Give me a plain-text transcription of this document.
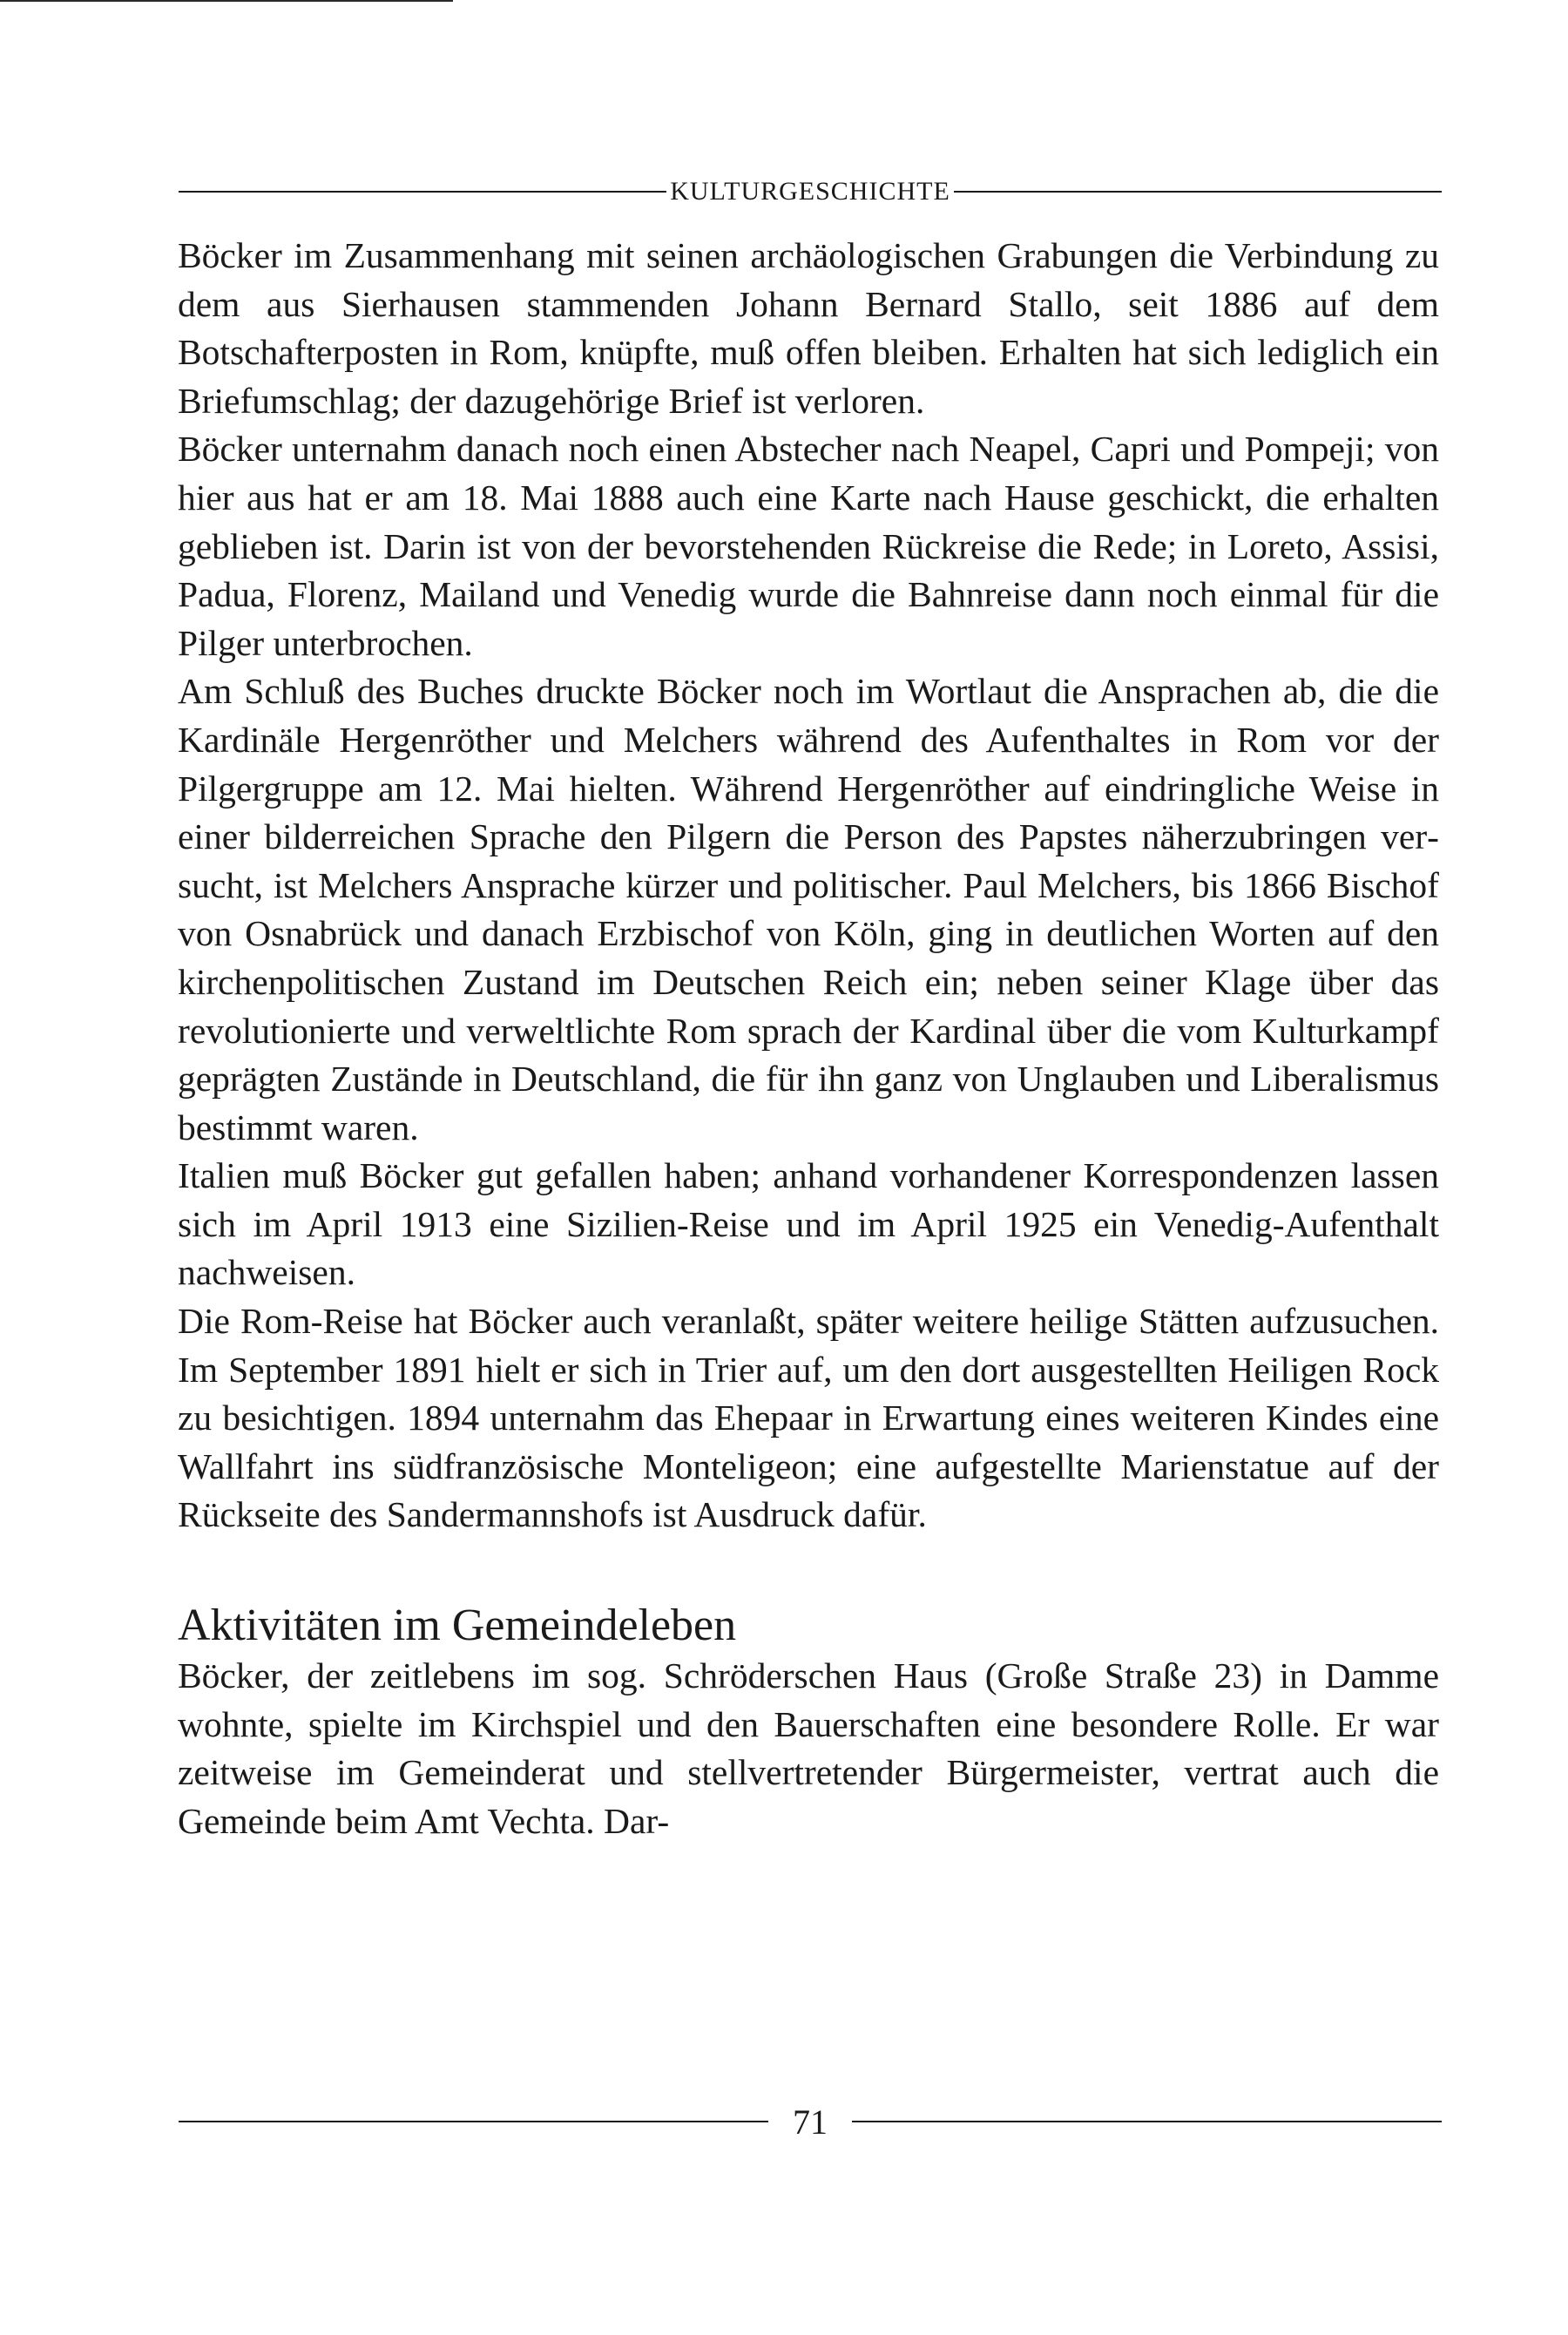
KULTURGESCHICHTE

Böcker im Zusammenhang mit seinen archäologischen Grabungen die Verbindung zu dem aus Sierhausen stammenden Johann Bernard Stallo, seit 1886 auf dem Botschafterposten in Rom, knüpfte, muß offen bleiben. Erhalten hat sich lediglich ein Briefumschlag; der dazugehörige Brief ist verloren.

Böcker unternahm danach noch einen Abstecher nach Neapel, Capri und Pompeji; von hier aus hat er am 18. Mai 1888 auch eine Karte nach Hause geschickt, die erhalten geblieben ist. Darin ist von der bevorstehenden Rückreise die Rede; in Loreto, Assisi, Padua, Florenz, Mailand und Venedig wurde die Bahnreise dann noch einmal für die Pilger unterbrochen.

Am Schluß des Buches druckte Böcker noch im Wortlaut die Ansprachen ab, die die Kardinäle Hergenröther und Melchers während des Aufenthaltes in Rom vor der Pilgergruppe am 12. Mai hielten. Während Hergenröther auf eindringliche Weise in einer bilderreichen Sprache den Pilgern die Person des Papstes näherzubringen versucht, ist Melchers Ansprache kürzer und politischer. Paul Melchers, bis 1866 Bischof von Osnabrück und danach Erzbischof von Köln, ging in deutlichen Worten auf den kirchenpolitischen Zustand im Deutschen Reich ein; neben seiner Klage über das revolutionierte und verweltlichte Rom sprach der Kardinal über die vom Kulturkampf geprägten Zustände in Deutschland, die für ihn ganz von Unglauben und Liberalismus bestimmt waren.

Italien muß Böcker gut gefallen haben; anhand vorhandener Korrespondenzen lassen sich im April 1913 eine Sizilien-Reise und im April 1925 ein Venedig-Aufenthalt nachweisen.

Die Rom-Reise hat Böcker auch veranlaßt, später weitere heilige Stätten aufzusuchen. Im September 1891 hielt er sich in Trier auf, um den dort ausgestellten Heiligen Rock zu besichtigen. 1894 unternahm das Ehepaar in Erwartung eines weiteren Kindes eine Wallfahrt ins südfranzösische Monteligeon; eine aufgestellte Marienstatue auf der Rückseite des Sandermannshofs ist Ausdruck dafür.

Aktivitäten im Gemeindeleben

Böcker, der zeitlebens im sog. Schröderschen Haus (Große Straße 23) in Damme wohnte, spielte im Kirchspiel und den Bauerschaften eine besondere Rolle. Er war zeitweise im Gemeinderat und stellvertretender Bürgermeister, vertrat auch die Gemeinde beim Amt Vechta. Dar-

71
